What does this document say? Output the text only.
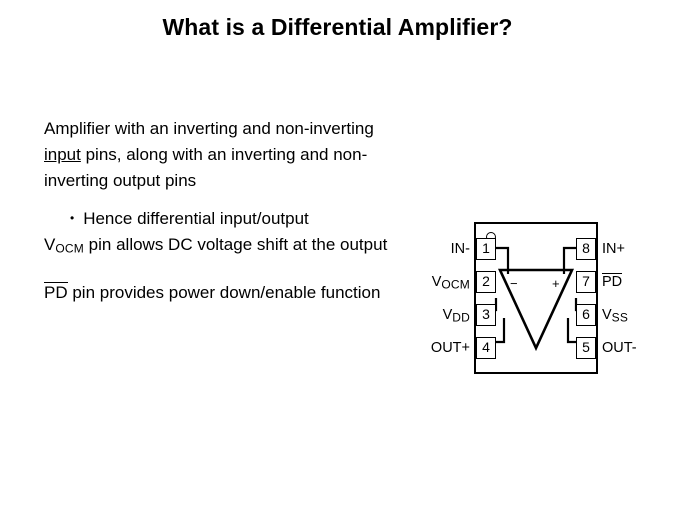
What is a Differential Amplifier?
Amplifier with an inverting and non-inverting input pins, along with an inverting and non-inverting output pins
• Hence differential input/output
$V_{OCM}$ pin allows DC voltage shift at the output
PD pin provides power down/enable function	−	+
1
IN-
2
$V_{OCM}$
3
$V_{DD}$
4
OUT+
8 IN+
7 PD
6 $V_{SS}$
5 OUT-
